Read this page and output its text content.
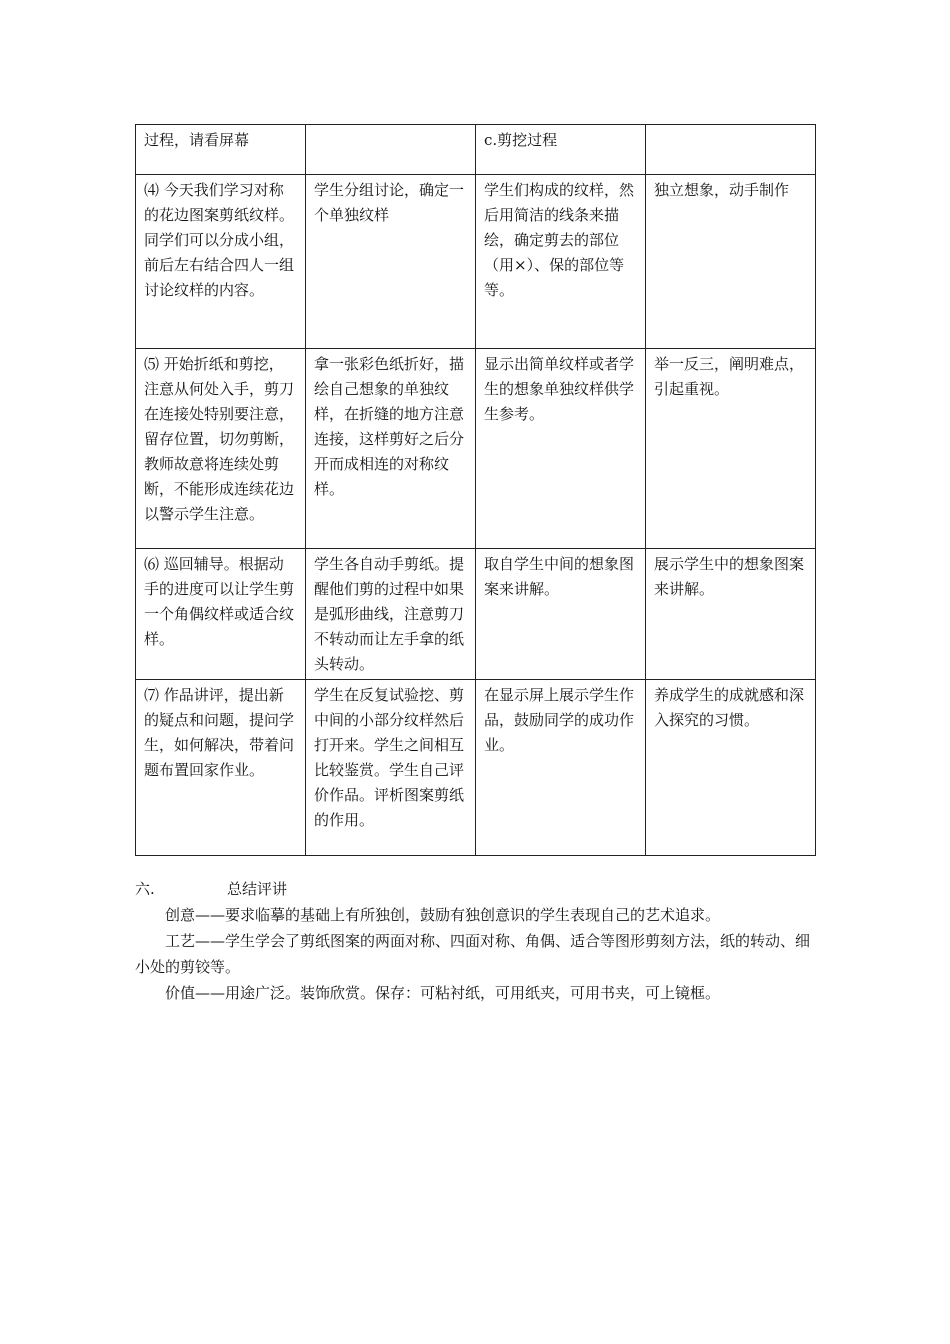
过程，请看屏幕		c.剪挖过程	
⑷ 今天我们学习对称的花边图案剪纸纹样。同学们可以分成小组，前后左右结合四人一组讨论纹样的内容。	学生分组讨论，确定一个单独纹样	学生们构成的纹样，然后用简洁的线条来描绘，确定剪去的部位（用×）、保的部位等等。	独立想象，动手制作
⑸ 开始折纸和剪挖，注意从何处入手，剪刀在连接处特别要注意，留存位置，切勿剪断，教师故意将连续处剪断，不能形成连续花边以警示学生注意。	拿一张彩色纸折好，描绘自己想象的单独纹样，在折缝的地方注意连接，这样剪好之后分开而成相连的对称纹样。	显示出简单纹样或者学生的想象单独纹样供学生参考。	举一反三，阐明难点，引起重视。
⑹ 巡回辅导。根据动手的进度可以让学生剪一个角偶纹样或适合纹样。	学生各自动手剪纸。提醒他们剪的过程中如果是弧形曲线，注意剪刀不转动而让左手拿的纸头转动。	取自学生中间的想象图案来讲解。	展示学生中的想象图案来讲解。
⑺ 作品讲评，提出新的疑点和问题，提问学生，如何解决，带着问题布置回家作业。	学生在反复试验挖、剪中间的小部分纹样然后打开来。学生之间相互比较鉴赏。学生自己评价作品。评析图案剪纸的作用。	在显示屏上展示学生作品，鼓励同学的成功作业。	养成学生的成就感和深入探究的习惯。
六.	总结评讲

创意——要求临摹的基础上有所独创，鼓励有独创意识的学生表现自己的艺术追求。

工艺——学生学会了剪纸图案的两面对称、四面对称、角偶、适合等图形剪刻方法，纸的转动、细小处的剪铰等。

价值——用途广泛。装饰欣赏。保存：可粘衬纸，可用纸夹，可用书夹，可上镜框。
